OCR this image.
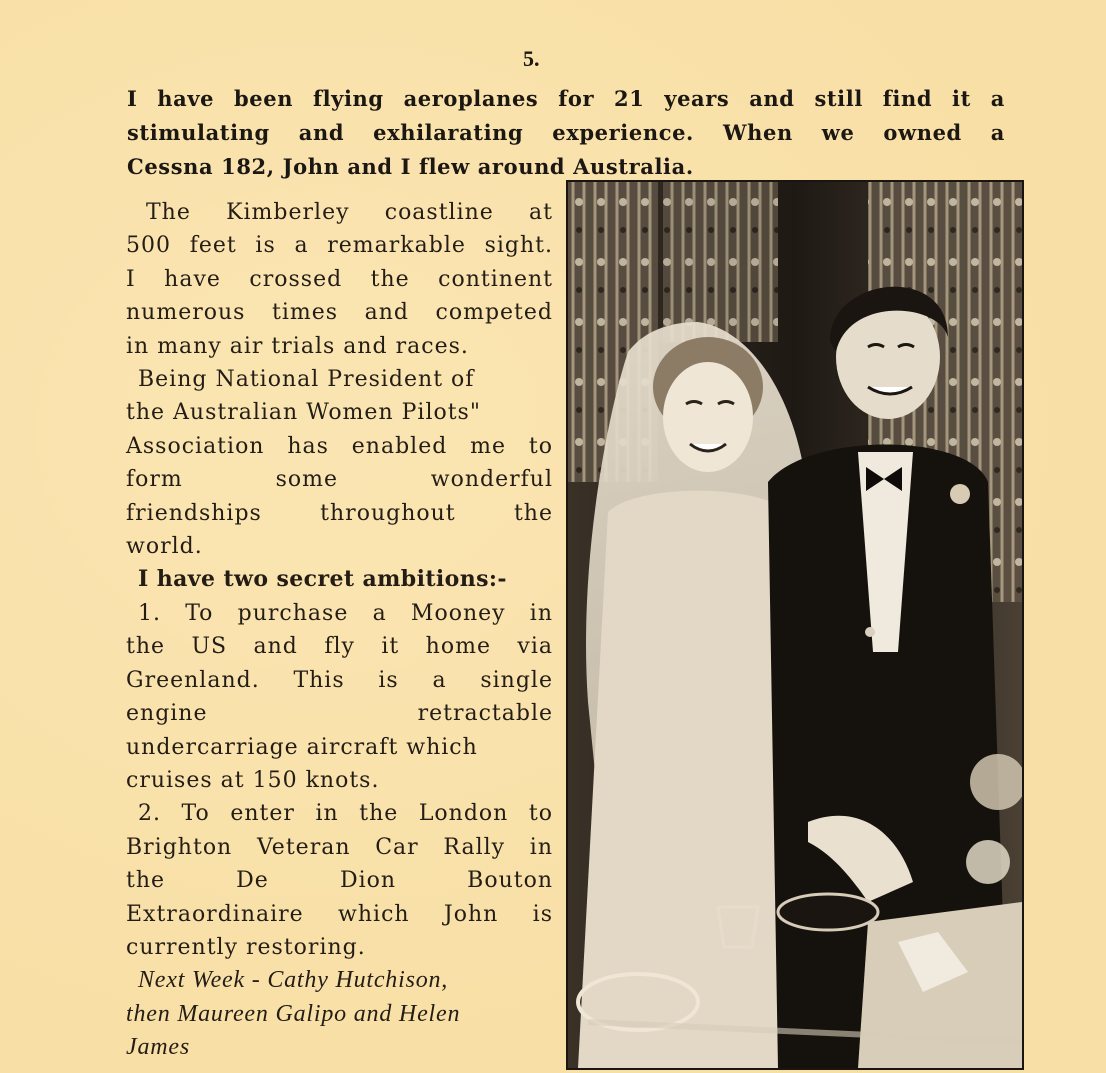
5.
I have been flying aeroplanes for 21 years and still find it a
stimulating and exhilarating experience. When we owned a
Cessna 182, John and I flew around Australia.
The Kimberley coastline at
500 feet is a remarkable sight.
I have crossed the continent
numerous times and competed
in many air trials and races.
Being National President of
the Australian Women Pilots"
Association has enabled me to
form some wonderful
friendships throughout the
world.
I have two secret ambitions:-
1. To purchase a Mooney in
the US and fly it home via
Greenland. This is a single
engine retractable
undercarriage aircraft which
cruises at 150 knots.
2. To enter in the London to
Brighton Veteran Car Rally in
the De Dion Bouton
Extraordinaire which John is
currently restoring.
Next Week - Cathy Hutchison,
then Maureen Galipo and Helen
James
